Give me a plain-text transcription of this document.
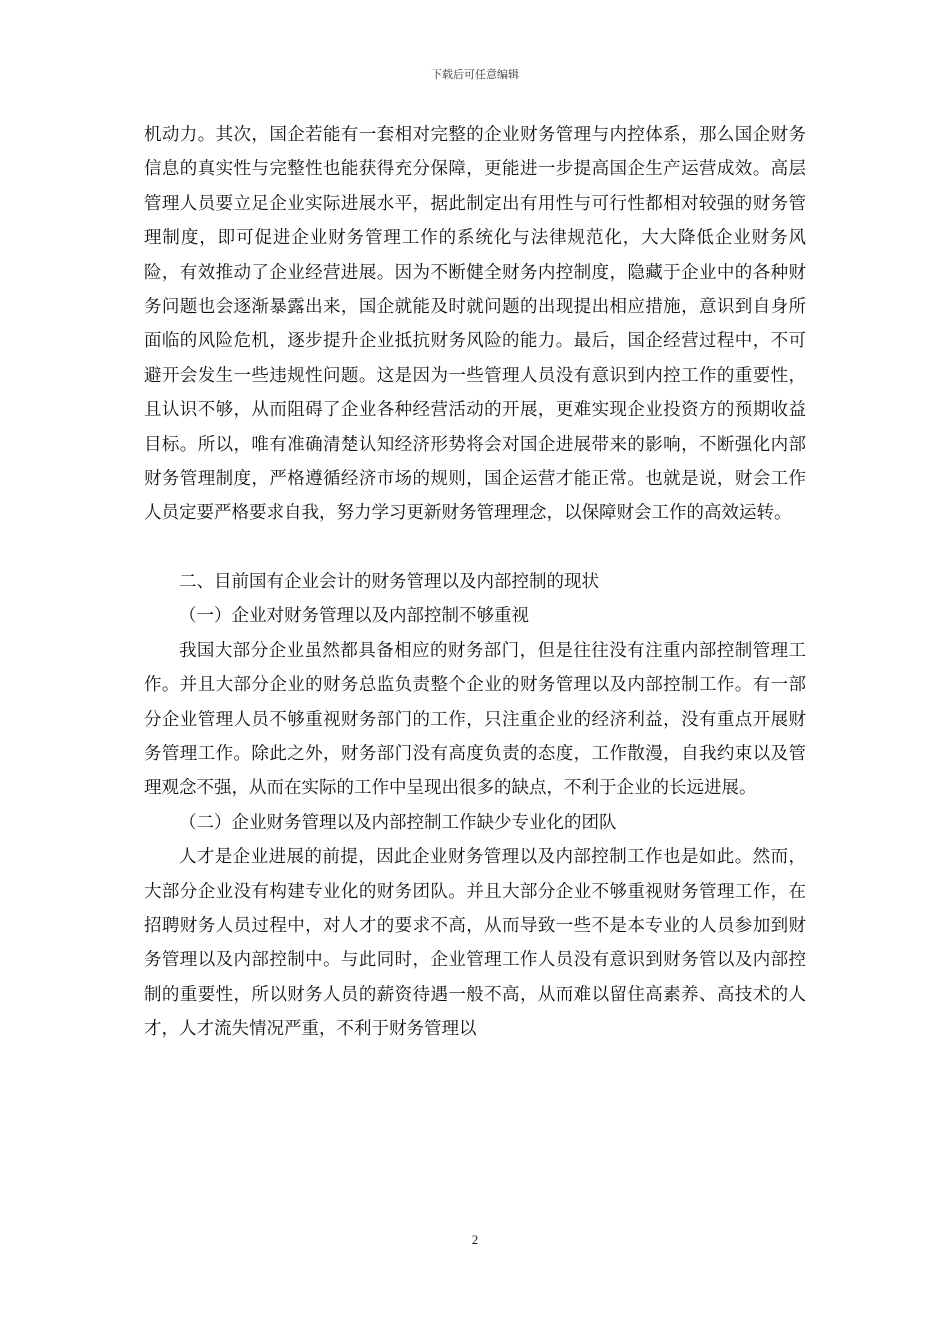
下载后可任意编辑

机动力。其次，国企若能有一套相对完整的企业财务管理与内控体系，那么国企财务信息的真实性与完整性也能获得充分保障，更能进一步提高国企生产运营成效。高层管理人员要立足企业实际进展水平，据此制定出有用性与可行性都相对较强的财务管理制度，即可促进企业财务管理工作的系统化与法律规范化，大大降低企业财务风险，有效推动了企业经营进展。因为不断健全财务内控制度，隐藏于企业中的各种财务问题也会逐渐暴露出来，国企就能及时就问题的出现提出相应措施，意识到自身所面临的风险危机，逐步提升企业抵抗财务风险的能力。最后，国企经营过程中，不可避开会发生一些违规性问题。这是因为一些管理人员没有意识到内控工作的重要性，且认识不够，从而阻碍了企业各种经营活动的开展，更难实现企业投资方的预期收益目标。所以，唯有准确清楚认知经济形势将会对国企进展带来的影响，不断强化内部财务管理制度，严格遵循经济市场的规则，国企运营才能正常。也就是说，财会工作人员定要严格要求自我，努力学习更新财务管理理念，以保障财会工作的高效运转。

二、目前国有企业会计的财务管理以及内部控制的现状

（一）企业对财务管理以及内部控制不够重视

我国大部分企业虽然都具备相应的财务部门，但是往往没有注重内部控制管理工作。并且大部分企业的财务总监负责整个企业的财务管理以及内部控制工作。有一部分企业管理人员不够重视财务部门的工作，只注重企业的经济利益，没有重点开展财务管理工作。除此之外，财务部门没有高度负责的态度，工作散漫，自我约束以及管理观念不强，从而在实际的工作中呈现出很多的缺点，不利于企业的长远进展。

（二）企业财务管理以及内部控制工作缺少专业化的团队

人才是企业进展的前提，因此企业财务管理以及内部控制工作也是如此。然而，大部分企业没有构建专业化的财务团队。并且大部分企业不够重视财务管理工作，在招聘财务人员过程中，对人才的要求不高，从而导致一些不是本专业的人员参加到财务管理以及内部控制中。与此同时，企业管理工作人员没有意识到财务管以及内部控制的重要性，所以财务人员的薪资待遇一般不高，从而难以留住高素养、高技术的人才，人才流失情况严重，不利于财务管理以

2
